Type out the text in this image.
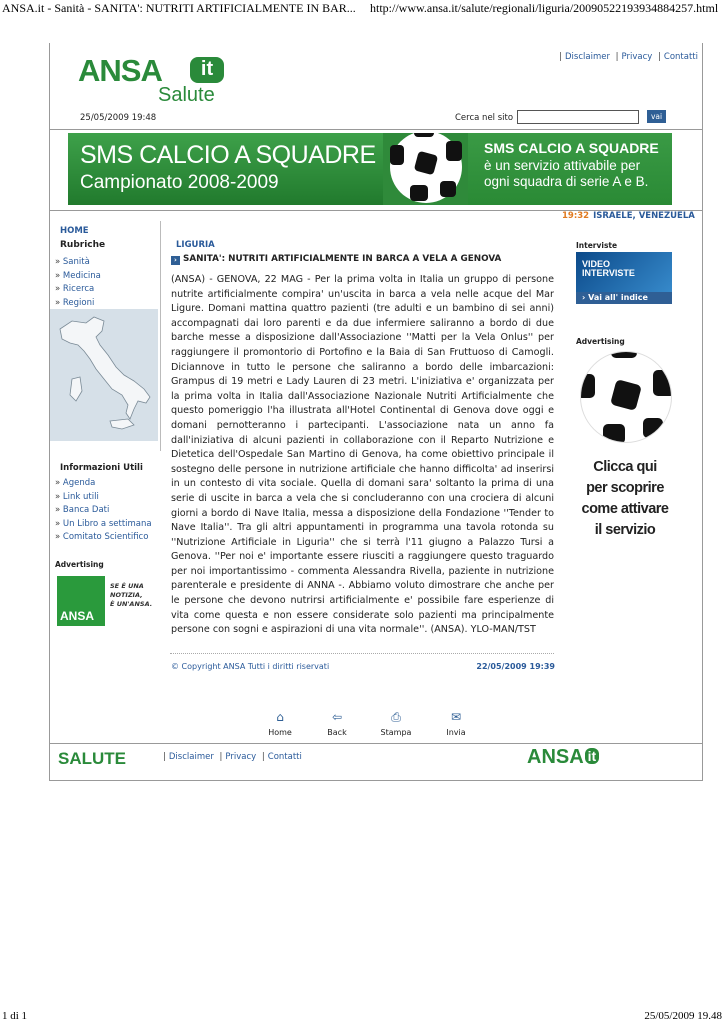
ANSA.it - Sanità - SANITA': NUTRITI ARTIFICIALMENTE IN BAR... http://www.ansa.it/salute/regionali/liguria/20090522193934884257.html
ANSA	it
Salute
| Disclaimer | Privacy | Contatti
25/05/2009 19:48	Cerca nel sito	vai
SMS CALCIO A SQUADRE
Campionato 2008-2009
SMS CALCIO A SQUADRE
è un servizio attivabile per
ogni squadra di serie A e B.
19:32 ISRAELE, VENEZUELA
HOME
Rubriche
» Sanità
» Medicina
» Ricerca
» Regioni
Informazioni Utili
» Agenda
» Link utili
» Banca Dati
» Un Libro a settimana
» Comitato Scientifico
Advertising
ANSA
SE È UNA
NOTIZIA,
È UN'ANSA.
LIGURIA
› SANITA': NUTRITI ARTIFICIALMENTE IN BARCA A VELA A GENOVA
(ANSA) - GENOVA, 22 MAG - Per la prima volta in Italia un gruppo di persone nutrite artificialmente compira' un'uscita in barca a vela nelle acque del Mar Ligure. Domani mattina quattro pazienti (tre adulti e un bambino di sei anni) accompagnati dai loro parenti e da due infermiere saliranno a bordo di due barche messe a disposizione dall'Associazione ''Matti per la Vela Onlus'' per raggiungere il promontorio di Portofino e la Baia di San Fruttuoso di Camogli. Diciannove in tutto le persone che saliranno a bordo delle imbarcazioni: Grampus di 19 metri e Lady Lauren di 23 metri. L'iniziativa e' organizzata per la prima volta in Italia dall'Associazione Nazionale Nutriti Artificialmente che questo pomeriggio l'ha illustrata all'Hotel Continental di Genova dove oggi e domani pernotteranno i partecipanti. L'associazione nata un anno fa dall'iniziativa di alcuni pazienti in collaborazione con il Reparto Nutrizione e Dietetica dell'Ospedale San Martino di Genova, ha come obiettivo principale il sostegno delle persone in nutrizione artificiale che hanno difficolta' ad inserirsi in un contesto di vita sociale. Quella di domani sara' soltanto la prima di una serie di uscite in barca a vela che si concluderanno con una crociera di alcuni giorni a bordo di Nave Italia, messa a disposizione della Fondazione ''Tender to Nave Italia''. Tra gli altri appuntamenti in programma una tavola rotonda su ''Nutrizione Artificiale in Liguria'' che si terrà l'11 giugno a Palazzo Tursi a Genova. ''Per noi e' importante essere riusciti a raggiungere questo traguardo per noi importantissimo - commenta Alessandra Rivella, paziente in nutrizione parenterale e presidente di ANNA -. Abbiamo voluto dimostrare che anche per le persone che devono nutrirsi artificialmente e' possibile fare esperienze di vita come questa e non essere considerate solo pazienti ma principalmente persone con sogni e aspirazioni di una vita normale''. (ANSA). YLO-MAN/TST
© Copyright ANSA Tutti i diritti riservati	22/05/2009 19:39
⌂
Home
⇦
Back
⎙
Stampa
✉
Invia
Interviste
VIDEO
INTERVISTE
› Vai all' indice
Advertising
Clicca qui
per scoprire
come attivare
il servizio
SALUTE	| Disclaimer | Privacy | Contatti	ANSA it
1 di 1	25/05/2009 19.48
